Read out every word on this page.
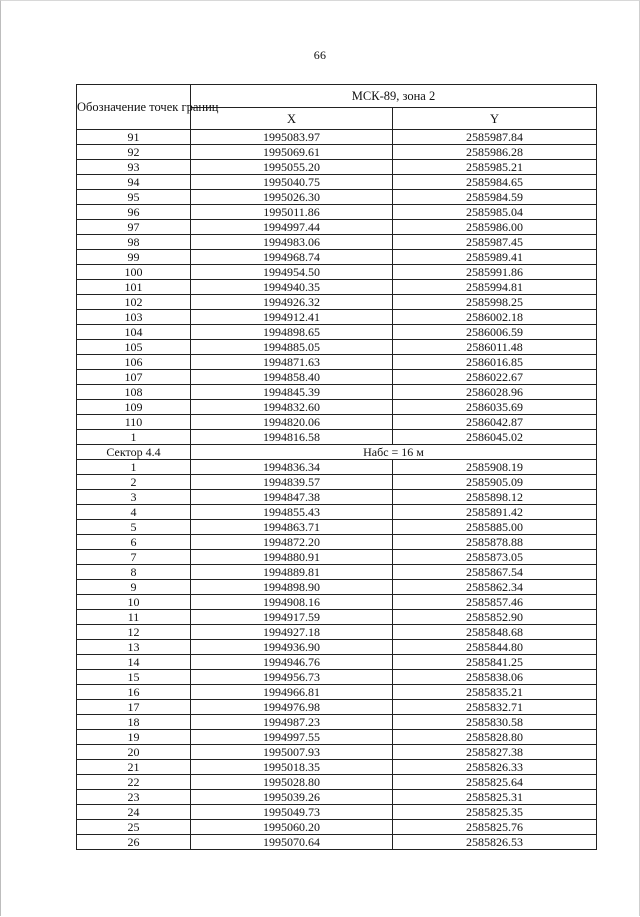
66
Обозначение точек границ	МСК-89, зона 2	
	X	Y
91	1995083.97	2585987.84
92	1995069.61	2585986.28
93	1995055.20	2585985.21
94	1995040.75	2585984.65
95	1995026.30	2585984.59
96	1995011.86	2585985.04
97	1994997.44	2585986.00
98	1994983.06	2585987.45
99	1994968.74	2585989.41
100	1994954.50	2585991.86
101	1994940.35	2585994.81
102	1994926.32	2585998.25
103	1994912.41	2586002.18
104	1994898.65	2586006.59
105	1994885.05	2586011.48
106	1994871.63	2586016.85
107	1994858.40	2586022.67
108	1994845.39	2586028.96
109	1994832.60	2586035.69
110	1994820.06	2586042.87
1	1994816.58	2586045.02
Сектор 4.4	Набс = 16 м	
1	1994836.34	2585908.19
2	1994839.57	2585905.09
3	1994847.38	2585898.12
4	1994855.43	2585891.42
5	1994863.71	2585885.00
6	1994872.20	2585878.88
7	1994880.91	2585873.05
8	1994889.81	2585867.54
9	1994898.90	2585862.34
10	1994908.16	2585857.46
11	1994917.59	2585852.90
12	1994927.18	2585848.68
13	1994936.90	2585844.80
14	1994946.76	2585841.25
15	1994956.73	2585838.06
16	1994966.81	2585835.21
17	1994976.98	2585832.71
18	1994987.23	2585830.58
19	1994997.55	2585828.80
20	1995007.93	2585827.38
21	1995018.35	2585826.33
22	1995028.80	2585825.64
23	1995039.26	2585825.31
24	1995049.73	2585825.35
25	1995060.20	2585825.76
26	1995070.64	2585826.53
